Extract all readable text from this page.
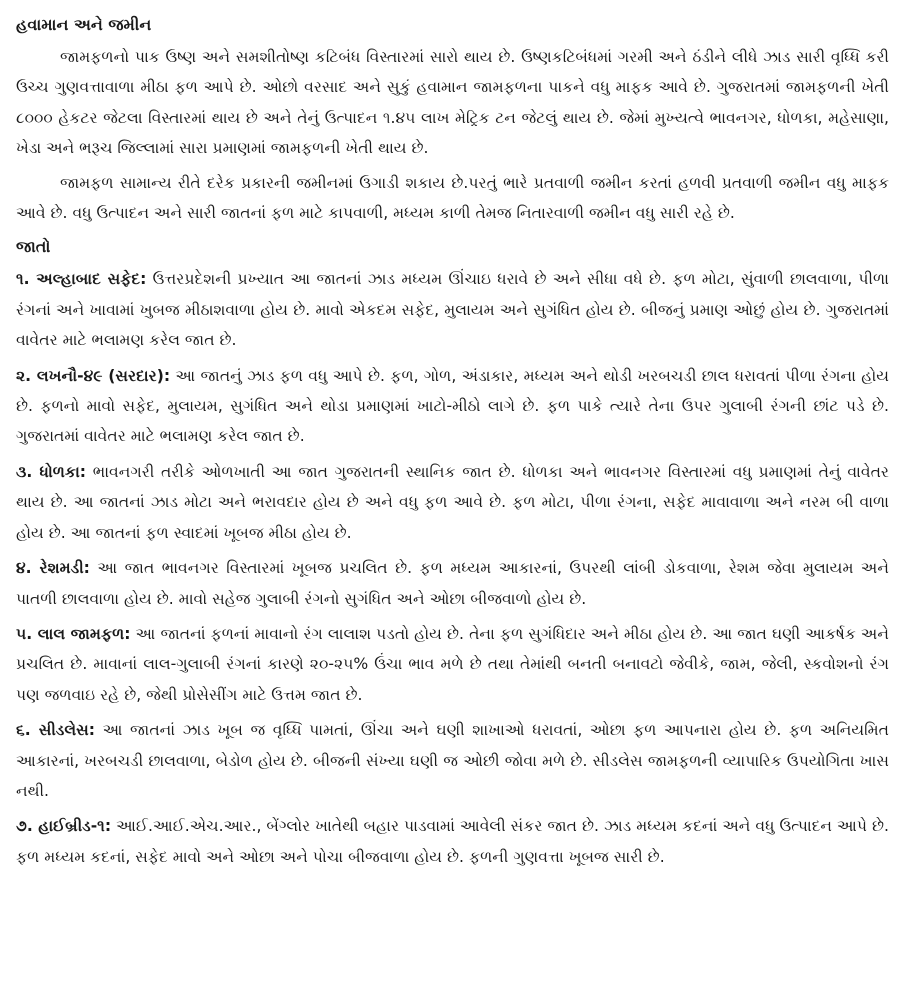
હવામાન અને જમીન

જામફળનો પાક ઉષ્ણ અને સમશીતોષ્ણ કટિબંધ વિસ્તારમાં સારો થાય છે. ઉષ્ણકટિબંધમાં ગરમી અને ઠંડીને લીધે ઝાડ સારી વૃધ્ધિ કરી ઉચ્ચ ગુણવત્તાવાળા મીઠા ફળ આપે છે. ઓછો વરસાદ અને સુકું હવામાન જામફળના પાકને વધુ માફક આવે છે. ગુજરાતમાં જામફળની ખેતી ૮૦૦૦ હેકટર જેટલા વિસ્તારમાં થાય છે અને તેનું ઉત્પાદન ૧.૪૫ લાખ મેટ્રિક ટન જેટલું થાય છે. જેમાં મુખ્યત્વે ભાવનગર, ધોળકા, મહેસાણા, ખેડા અને ભરૂચ જિલ્લામાં સારા પ્રમાણમાં જામફળની ખેતી થાય છે.

જામફળ સામાન્ય રીતે દરેક પ્રકારની જમીનમાં ઉગાડી શકાય છે.પરતું ભારે પ્રતવાળી જમીન કરતાં હળવી પ્રતવાળી જમીન વધુ માફક આવે છે. વધુ ઉત્પાદન અને સારી જાતનાં ફળ માટે કાપવાળી, મધ્યમ કાળી તેમજ નિતારવાળી જમીન વધુ સારી રહે છે.

જાતો

૧. અલ્હાબાદ સફેદ: ઉત્તરપ્રદેશની પ્રખ્યાત આ જાતનાં ઝાડ મધ્યમ ઊંચાઇ ધરાવે છે અને સીધા વધે છે. ફળ મોટા, સુંવાળી છાલવાળા, પીળા રંગનાં અને ખાવામાં ખુબજ મીઠાશવાળા હોય છે. માવો એકદમ સફેદ, મુલાયમ અને સુગંધિત હોય છે. બીજનું પ્રમાણ ઓછું હોય છે. ગુજરાતમાં વાવેતર માટે ભલામણ કરેલ જાત છે.

૨. લખનૌ-૪૯ (સરદાર): આ જાતનું ઝાડ ફળ વધુ આપે છે. ફળ, ગોળ, અંડાકાર, મધ્યમ અને થોડી ખરબચડી છાલ ધરાવતાં પીળા રંગના હોય છે. ફળનો માવો સફેદ, મુલાયમ, સુગંધિત અને થોડા પ્રમાણમાં ખાટો-મીઠો લાગે છે. ફળ પાકે ત્યારે તેના ઉપર ગુલાબી રંગની છાંટ પડે છે. ગુજરાતમાં વાવેતર માટે ભલામણ કરેલ જાત છે.

૩. ધોળકા: ભાવનગરી તરીકે ઓળખાતી આ જાત ગુજરાતની સ્થાનિક જાત છે. ધોળકા અને ભાવનગર વિસ્તારમાં વધુ પ્રમાણમાં તેનું વાવેતર થાય છે. આ જાતનાં ઝાડ મોટા અને ભરાવદાર હોય છે અને વધુ ફળ આવે છે. ફળ મોટા, પીળા રંગના, સફેદ માવાવાળા અને નરમ બી વાળા હોય છે. આ જાતનાં ફળ સ્વાદમાં ખૂબજ મીઠા હોય છે.

૪. રેશમડી: આ જાત ભાવનગર વિસ્તારમાં ખૂબજ પ્રચલિત છે. ફળ મધ્યમ આકારનાં, ઉપરથી લાંબી ડોકવાળા, રેશમ જેવા મુલાયમ અને પાતળી છાલવાળા હોય છે. માવો સહેજ ગુલાબી રંગનો સુગંધિત અને ઓછા બીજવાળો હોય છે.

૫. લાલ જામફળ: આ જાતનાં ફળનાં માવાનો રંગ લાલાશ પડતો હોય છે. તેના ફળ સુગંધિદાર અને મીઠા હોય છે. આ જાત ઘણી આકર્ષક અને પ્રચલિત છે. માવાનાં લાલ-ગુલાબી રંગનાં કારણે ૨૦-૨૫% ઉંચા ભાવ મળે છે તથા તેમાંથી બનતી બનાવટો જેવીકે, જામ, જેલી, સ્કવોશનો રંગ પણ જળવાઇ રહે છે, જેથી પ્રોસેસીંગ માટે ઉત્તમ જાત છે.

૬. સીડલેસ: આ જાતનાં ઝાડ ખૂબ જ વૃધ્ધિ પામતાં, ઊંચા અને ઘણી શાખાઓ ધરાવતાં, ઓછા ફળ આપનારા હોય છે. ફળ અનિયમિત આકારનાં, ખરબચડી છાલવાળા, બેડોળ હોય છે. બીજની સંખ્યા ઘણી જ ઓછી જોવા મળે છે. સીડલેસ જામફળની વ્યાપારિક ઉપયોગિતા ખાસ નથી.

૭. હાઈબ્રીડ-૧: આઈ.આઈ.એચ.આર., બેંગ્લોર ખાતેથી બહાર પાડવામાં આવેલી સંકર જાત છે. ઝાડ મધ્યમ કદનાં અને વધુ ઉત્પાદન આપે છે. ફળ મધ્યમ કદનાં, સફેદ માવો અને ઓછા અને પોચા બીજવાળા હોય છે. ફળની ગુણવત્તા ખૂબજ સારી છે.
